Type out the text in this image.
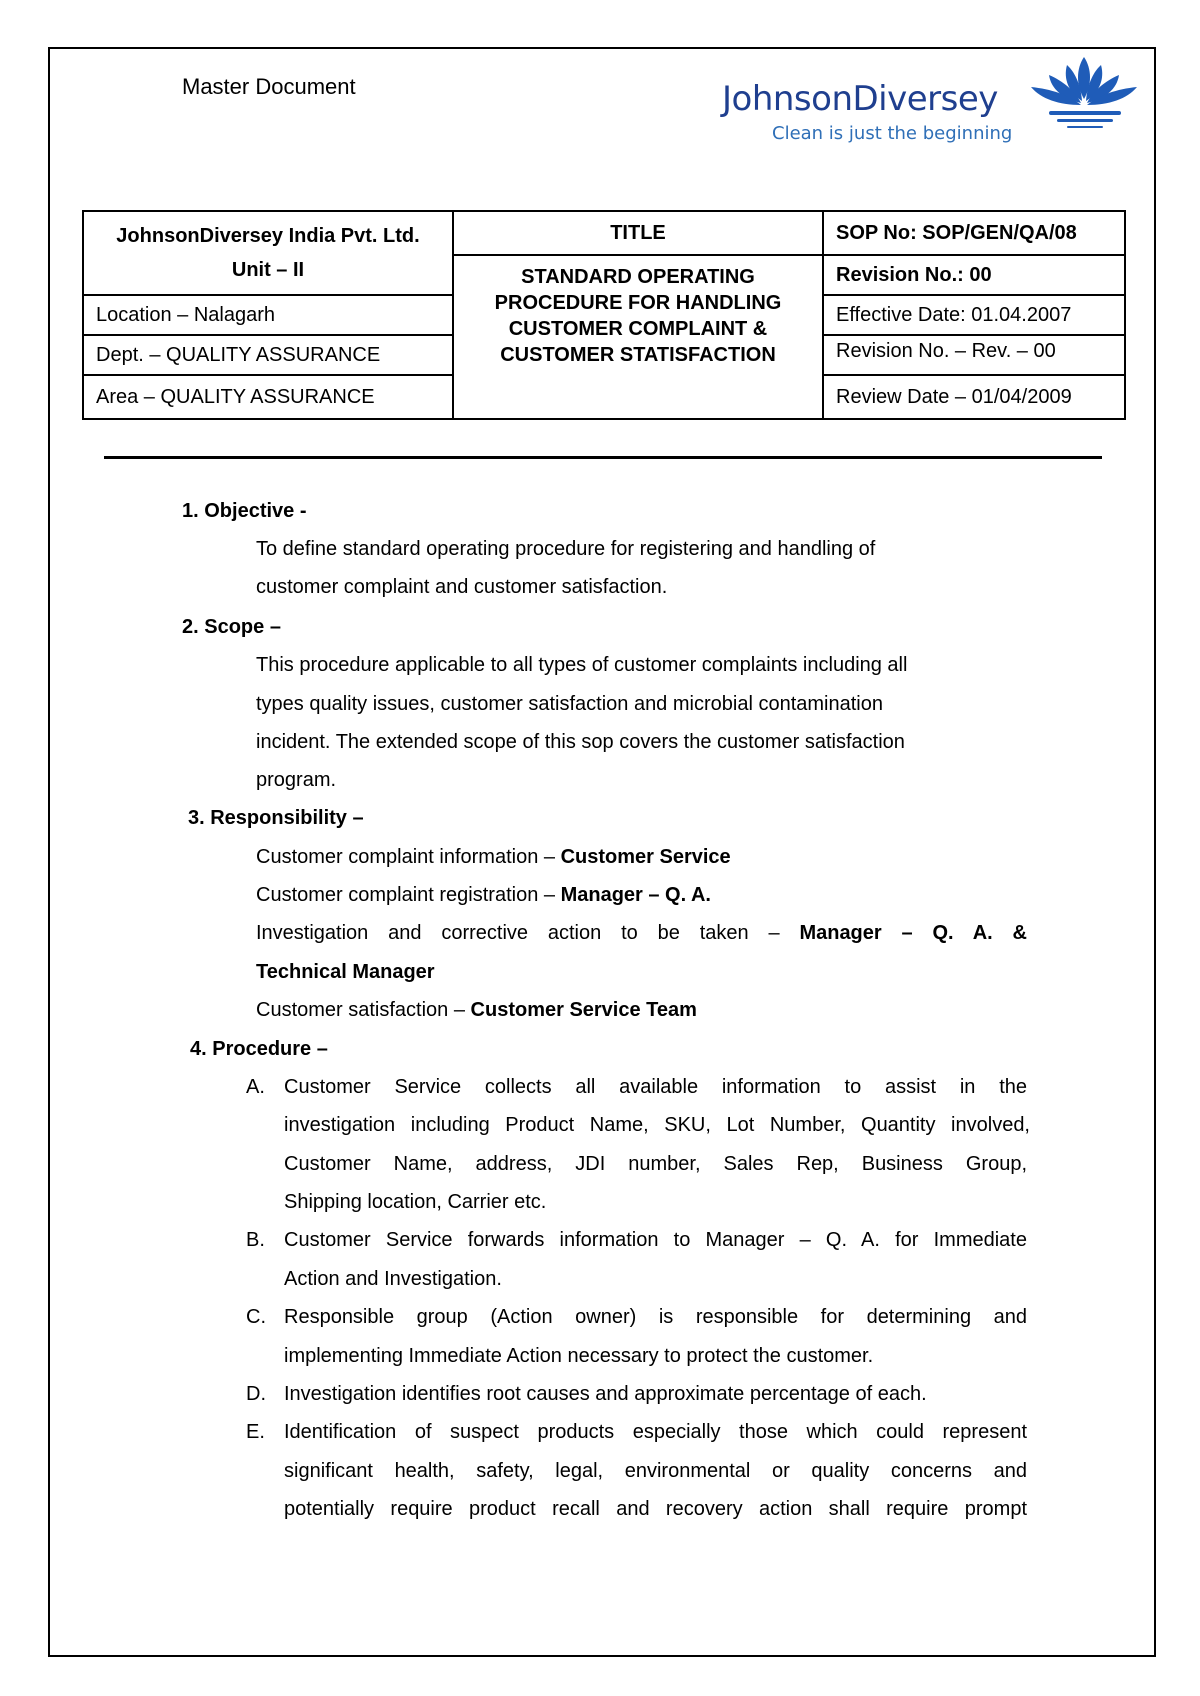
Master Document	JohnsonDiversey
Clean is just the beginning
JohnsonDiversey India Pvt. Ltd. Unit – II	TITLE	SOP No: SOP/GEN/QA/08
	STANDARD OPERATING PROCEDURE FOR HANDLING CUSTOMER COMPLAINT & CUSTOMER STATISFACTION	Revision No.: 00
Location – Nalagarh		Effective Date: 01.04.2007
Dept. – QUALITY ASSURANCE		Revision No. – Rev. – 00
Area – QUALITY ASSURANCE		Review Date – 01/04/2009
1. Objective -
To define standard operating procedure for registering and handling of
customer complaint and customer satisfaction.
2. Scope –
This procedure applicable to all types of customer complaints including all
types quality issues, customer satisfaction and microbial contamination
incident. The extended scope of this sop covers the customer satisfaction
program.
3. Responsibility –
Customer complaint information – Customer Service
Customer complaint registration – Manager – Q. A.
Investigation and corrective action to be taken – Manager – Q. A. &
Technical Manager
Customer satisfaction – Customer Service Team
4. Procedure –
A. Customer Service collects all available information to assist in the
investigation including Product Name, SKU, Lot Number, Quantity involved,
Customer Name, address, JDI number, Sales Rep, Business Group,
Shipping location, Carrier etc.
B. Customer Service forwards information to Manager – Q. A. for Immediate
Action and Investigation.
C. Responsible group (Action owner) is responsible for determining and
implementing Immediate Action necessary to protect the customer.
D. Investigation identifies root causes and approximate percentage of each.
E. Identification of suspect products especially those which could represent
significant health, safety, legal, environmental or quality concerns and
potentially require product recall and recovery action shall require prompt
